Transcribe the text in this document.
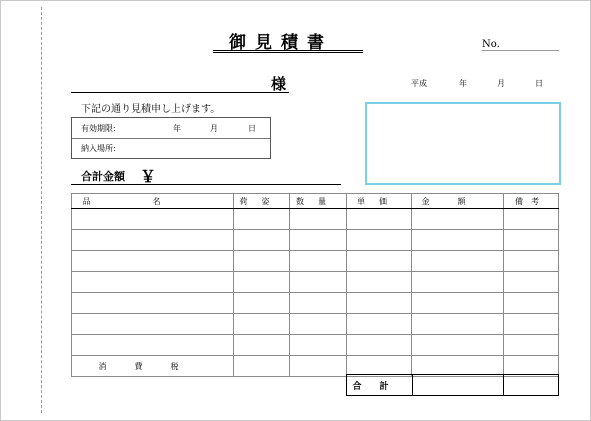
御見積書	No.
様	平成	年	月	日
下記の通り見積申し上げます。
有効期限:	年	月	日
納入場所:
合計金額 ￥
品名	荷姿	数量	単価	金額	備考

消費税					
合計		
